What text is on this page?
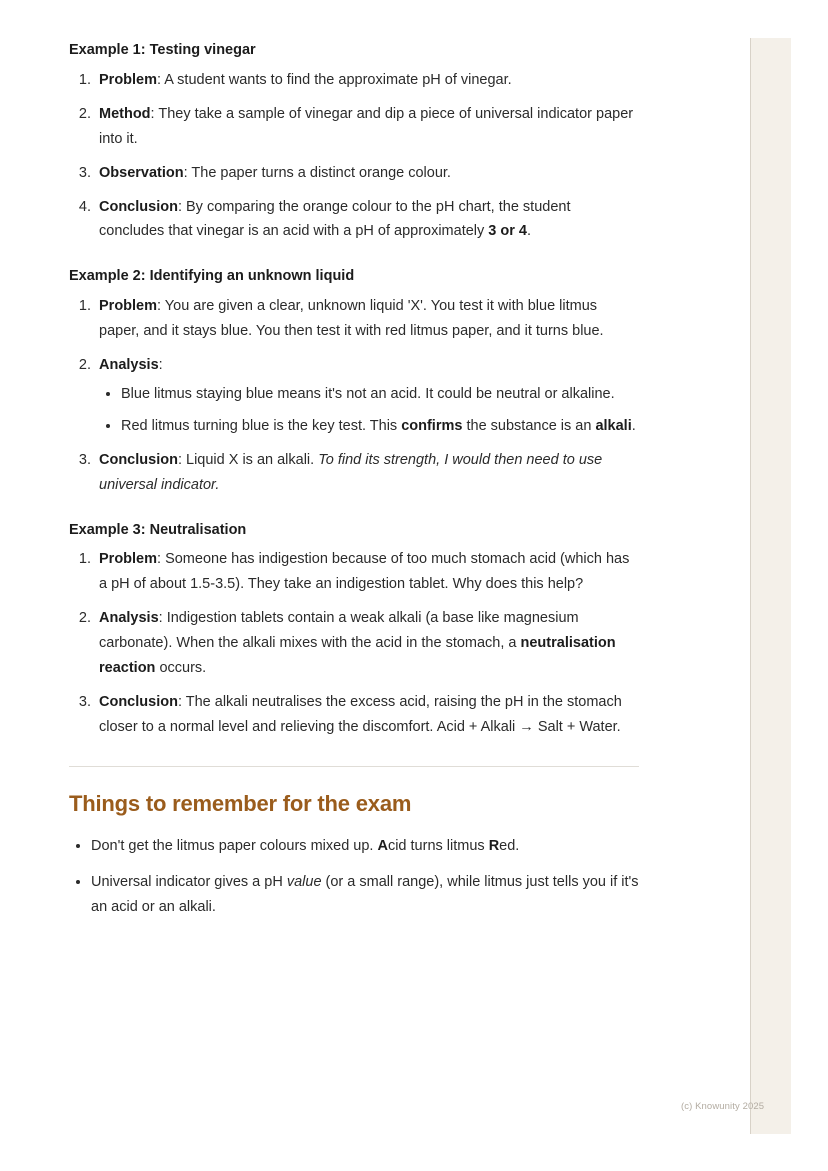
Example 1: Testing vinegar
1. Problem: A student wants to find the approximate pH of vinegar.
2. Method: They take a sample of vinegar and dip a piece of universal indicator paper into it.
3. Observation: The paper turns a distinct orange colour.
4. Conclusion: By comparing the orange colour to the pH chart, the student concludes that vinegar is an acid with a pH of approximately 3 or 4.
Example 2: Identifying an unknown liquid
1. Problem: You are given a clear, unknown liquid 'X'. You test it with blue litmus paper, and it stays blue. You then test it with red litmus paper, and it turns blue.
2. Analysis:
• Blue litmus staying blue means it's not an acid. It could be neutral or alkaline.
• Red litmus turning blue is the key test. This confirms the substance is an alkali.
3. Conclusion: Liquid X is an alkali. To find its strength, I would then need to use universal indicator.
Example 3: Neutralisation
1. Problem: Someone has indigestion because of too much stomach acid (which has a pH of about 1.5-3.5). They take an indigestion tablet. Why does this help?
2. Analysis: Indigestion tablets contain a weak alkali (a base like magnesium carbonate). When the alkali mixes with the acid in the stomach, a neutralisation reaction occurs.
3. Conclusion: The alkali neutralises the excess acid, raising the pH in the stomach closer to a normal level and relieving the discomfort. Acid + Alkali → Salt + Water.
Things to remember for the exam
• Don't get the litmus paper colours mixed up. Acid turns litmus Red.
• Universal indicator gives a pH value (or a small range), while litmus just tells you if it's an acid or an alkali.
(c) Knowunity 2025
